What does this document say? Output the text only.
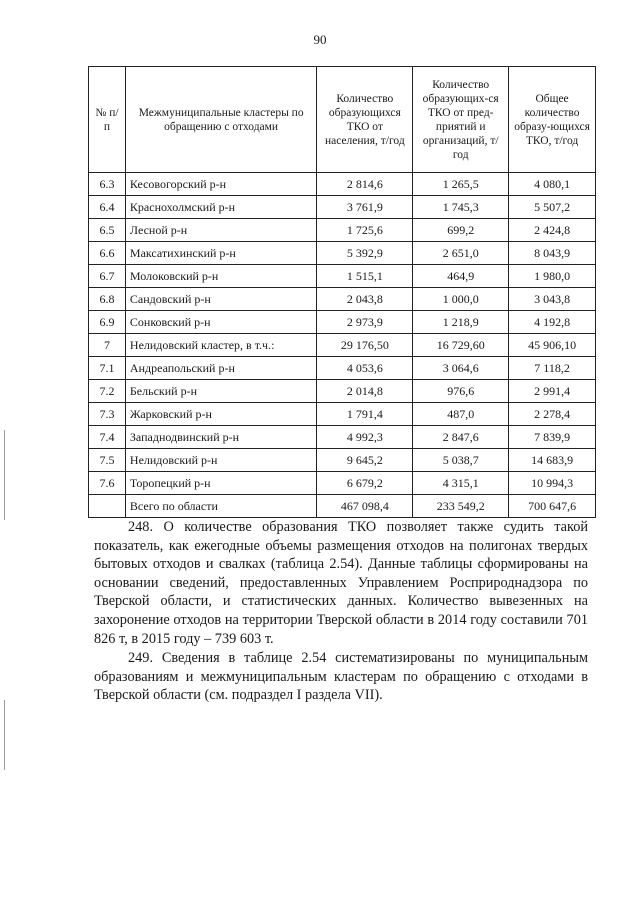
90
№ п/п	Межмуниципальные кластеры по обращению с отходами	Количество образующихся ТКО от населения, т/год	Количество образующих-ся ТКО от пред-приятий и организаций, т/год	Общее количество образу-ющихся ТКО, т/год
6.3	Кесовогорский р-н	2 814,6	1 265,5	4 080,1
6.4	Краснохолмский р-н	3 761,9	1 745,3	5 507,2
6.5	Лесной р-н	1 725,6	699,2	2 424,8
6.6	Максатихинский р-н	5 392,9	2 651,0	8 043,9
6.7	Молоковский р-н	1 515,1	464,9	1 980,0
6.8	Сандовский р-н	2 043,8	1 000,0	3 043,8
6.9	Сонковский р-н	2 973,9	1 218,9	4 192,8
7	Нелидовский кластер, в т.ч.:	29 176,50	16 729,60	45 906,10
7.1	Андреапольский р-н	4 053,6	3 064,6	7 118,2
7.2	Бельский р-н	2 014,8	976,6	2 991,4
7.3	Жарковский р-н	1 791,4	487,0	2 278,4
7.4	Западнодвинский р-н	4 992,3	2 847,6	7 839,9
7.5	Нелидовский р-н	9 645,2	5 038,7	14 683,9
7.6	Торопецкий р-н	6 679,2	4 315,1	10 994,3
	Всего по области	467 098,4	233 549,2	700 647,6

248. О количестве образования ТКО позволяет также судить такой показатель, как ежегодные объемы размещения отходов на полигонах твердых бытовых отходов и свалках (таблица 2.54). Данные таблицы сформированы на основании сведений, предоставленных Управлением Росприроднадзора по Тверской области, и статистических данных. Количество вывезенных на захоронение отходов на территории Тверской области в 2014 году составили 701 826 т, в 2015 году – 739 603 т.

249. Сведения в таблице 2.54 систематизированы по муниципальным образованиям и межмуниципальным кластерам по обращению с отходами в Тверской области (см. подраздел I раздела VII).
